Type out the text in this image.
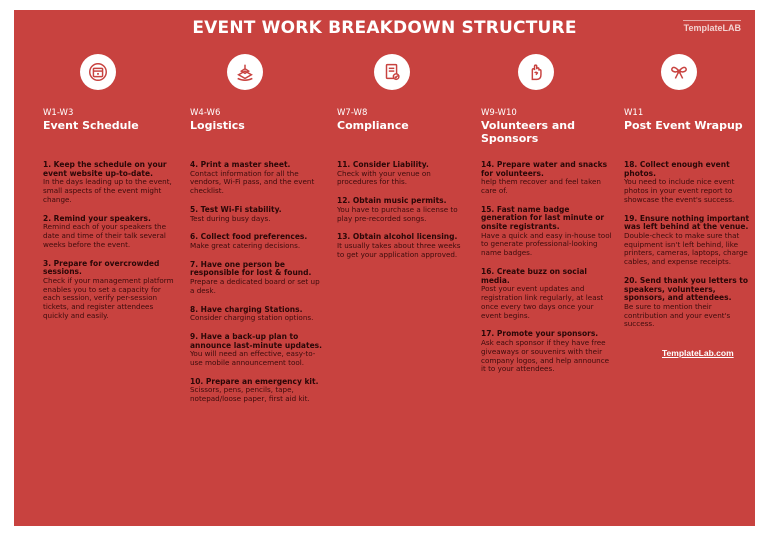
EVENT WORK BREAKDOWN STRUCTURE	TemplateLAB
W1-W3
Event Schedule
1. Keep the schedule on your event website up-to-date.
In the days leading up to the event, small aspects of the event might change.
2. Remind your speakers.
Remind each of your speakers the date and time of their talk several weeks before the event.
3. Prepare for overcrowded sessions.
Check if your management platform enables you to set a capacity for each session, verify per-session tickets, and register attendees quickly and easily.
W4-W6
Logistics
4. Print a master sheet.
Contact information for all the vendors, Wi-Fi pass, and the event checklist.
5. Test Wi-Fi stability.
Test during busy days.
6. Collect food preferences.
Make great catering decisions.
7. Have one person be responsible for lost & found.
Prepare a dedicated board or set up a desk.
8. Have charging Stations.
Consider charging station options.
9. Have a back-up plan to announce last-minute updates.
You will need an effective, easy-to-use mobile announcement tool.
10. Prepare an emergency kit.
Scissors, pens, pencils, tape, notepad/loose paper, first aid kit.
W7-W8
Compliance
11. Consider Liability.
Check with your venue on procedures for this.
12. Obtain music permits.
You have to purchase a license to play pre-recorded songs.
13. Obtain alcohol licensing.
It usually takes about three weeks to get your application approved.
W9-W10
Volunteers and Sponsors
14. Prepare water and snacks for volunteers.
help them recover and feel taken care of.
15. Fast name badge generation for last minute or onsite registrants.
Have a quick and easy in-house tool to generate professional-looking name badges.
16. Create buzz on social media.
Post your event updates and registration link regularly, at least once every two days once your event begins.
17. Promote your sponsors.
Ask each sponsor if they have free giveaways or souvenirs with their company logos, and help announce it to your attendees.
W11
Post Event Wrapup
18. Collect enough event photos.
You need to include nice event photos in your event report to showcase the event's success.
19. Ensure nothing important was left behind at the venue.
Double-check to make sure that equipment isn't left behind, like printers, cameras, laptops, charge cables, and expense receipts.
20. Send thank you letters to speakers, volunteers, sponsors, and attendees.
Be sure to mention their contribution and your event's success.
TemplateLab.com
